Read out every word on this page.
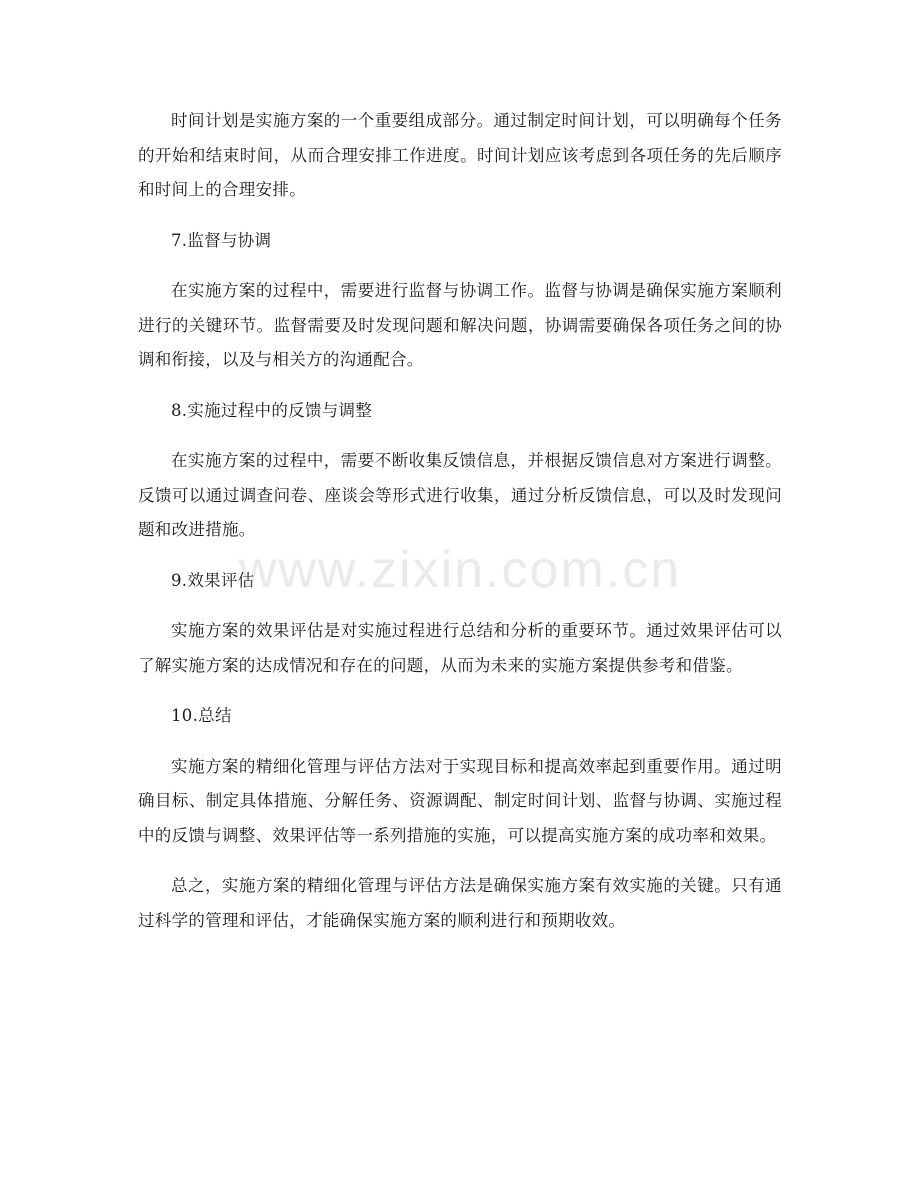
时间计划是实施方案的一个重要组成部分。通过制定时间计划，可以明确每个任务的开始和结束时间，从而合理安排工作进度。时间计划应该考虑到各项任务的先后顺序和时间上的合理安排。

7.监督与协调

在实施方案的过程中，需要进行监督与协调工作。监督与协调是确保实施方案顺利进行的关键环节。监督需要及时发现问题和解决问题，协调需要确保各项任务之间的协调和衔接，以及与相关方的沟通配合。

8.实施过程中的反馈与调整

在实施方案的过程中，需要不断收集反馈信息，并根据反馈信息对方案进行调整。反馈可以通过调查问卷、座谈会等形式进行收集，通过分析反馈信息，可以及时发现问题和改进措施。

9.效果评估

实施方案的效果评估是对实施过程进行总结和分析的重要环节。通过效果评估可以了解实施方案的达成情况和存在的问题，从而为未来的实施方案提供参考和借鉴。

10.总结

实施方案的精细化管理与评估方法对于实现目标和提高效率起到重要作用。通过明确目标、制定具体措施、分解任务、资源调配、制定时间计划、监督与协调、实施过程中的反馈与调整、效果评估等一系列措施的实施，可以提高实施方案的成功率和效果。

总之，实施方案的精细化管理与评估方法是确保实施方案有效实施的关键。只有通过科学的管理和评估，才能确保实施方案的顺利进行和预期收效。

www.zixin.com.cn
